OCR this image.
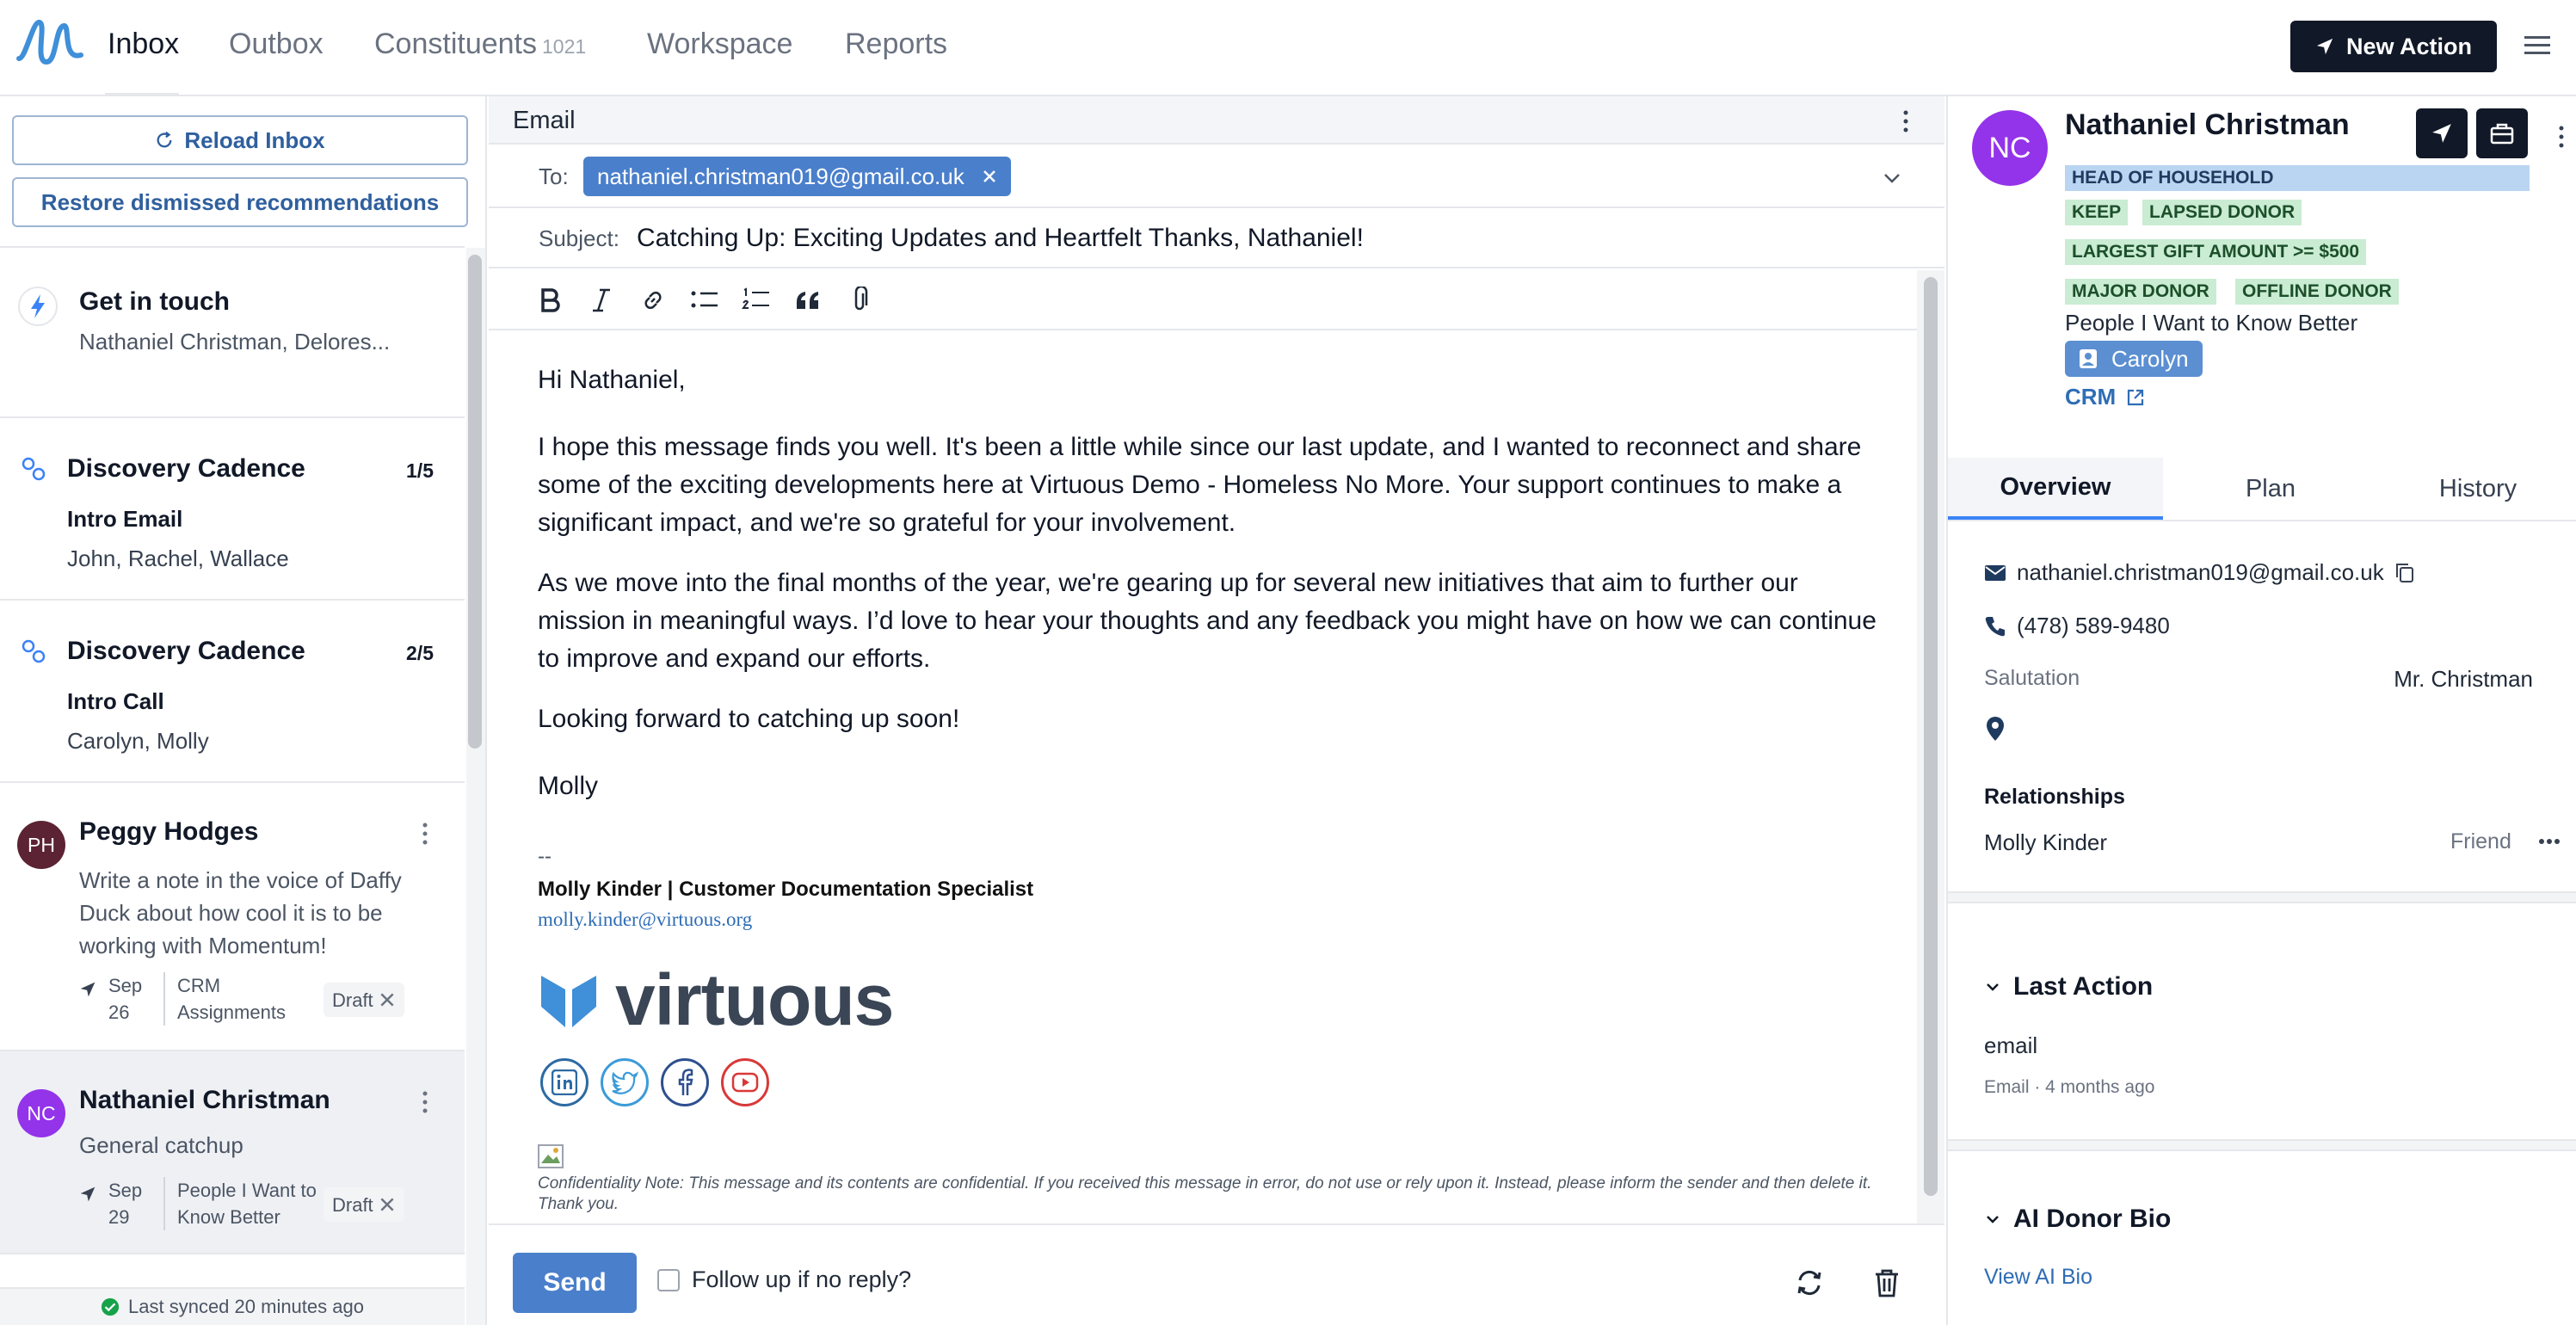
Inbox Outbox Constituents 1021 Workspace Reports	New Action
Reload Inbox
Restore dismissed recommendations
Get in touch
Nathaniel Christman, Delores...
Discovery Cadence	1/5
Intro Email
John, Rachel, Wallace
Discovery Cadence	2/5
Intro Call
Carolyn, Molly
PH Peggy Hodges
Write a note in the voice of Daffy Duck about how cool it is to be working with Momentum!
Sep 26
CRM Assignments
Draft
NC Nathaniel Christman
General catchup
Sep 29
People I Want to Know Better
Draft
Last synced 20 minutes ago
Email
To: nathaniel.christman019@gmail.co.uk
Subject: Catching Up: Exciting Updates and Heartfelt Thanks, Nathaniel!
Hi Nathaniel,
I hope this message finds you well. It's been a little while since our last update, and I wanted to reconnect and share some of the exciting developments here at Virtuous Demo - Homeless No More. Your support continues to make a significant impact, and we're so grateful for your involvement.
As we move into the final months of the year, we're gearing up for several new initiatives that aim to further our mission in meaningful ways. I’d love to hear your thoughts and any feedback you might have on how we can continue to improve and expand our efforts.
Looking forward to catching up soon!
Molly
--
Molly Kinder | Customer Documentation Specialist
molly.kinder@virtuous.org
virtuous
Confidentiality Note: This message and its contents are confidential. If you received this message in error, do not use or rely upon it. Instead, please inform the sender and then delete it. Thank you.
Send	Follow up if no reply?
NC
Nathaniel Christman
HEAD OF HOUSEHOLD
KEEP	LAPSED DONOR
LARGEST GIFT AMOUNT >= $500
MAJOR DONOR	OFFLINE DONOR
People I Want to Know Better
Carolyn
CRM
Overview	Plan	History
nathaniel.christman019@gmail.co.uk
(478) 589-9480
Salutation	Mr. Christman
Relationships
Molly Kinder	Friend
Last Action
email
Email · 4 months ago
AI Donor Bio
View AI Bio
